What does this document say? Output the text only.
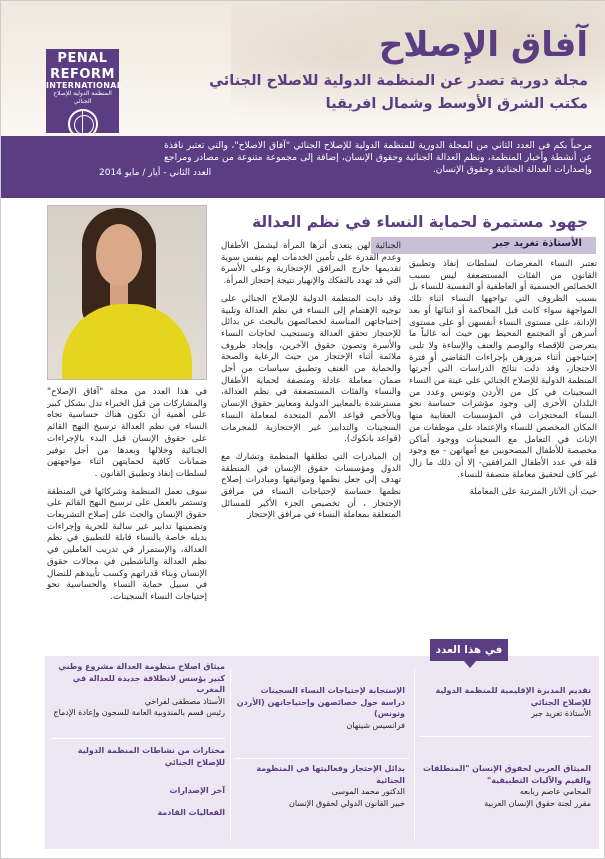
PENAL
REFORM
INTERNATIONAL
المنظمة الدولية للإصلاح الجنائي
آفاق الإصلاح
مجلة دورية تصدر عن المنظمة الدولية للاصلاح الجنائي
مكتب الشرق الأوسط وشمال افريقيا
مرحباً بكم في العدد الثاني من المجلة الدورية للمنظمة الدولية للإصلاح الجنائي "آفاق الاصلاح"، والتي تعتبر نافذة عن أنشطة وأخبار المنظمة، ونظم العدالة الجنائية وحقوق الإنسان، إضافة إلى مجموعة متنوعة من مصادر ومراجع وإصدارات العدالة الجنائية وحقوق الإنسان.
العدد الثاني - أيار / مايو 2014
جهود مستمرة لحماية النساء في نظم العدالة
الأستاذة تغريد جبر

تعتبر النساء المعرضات لسلطات إنفاذ وتطبيق القانون من الفئات المستضعفة ليس بسبب الخصائص الجسمية أو العاطفية أو النفسية للنساء بل بسبب الظروف التي تواجهها النساء اثناء تلك المواجهة سواء كانت قبل المحاكمة أو اثنائها أو بعد الإدانة، على مستوى النساء أنفسهن أو على مستوى أسرهن أو المجتمع المحيط بهن حيث أنه غالباً ما يتعرضن للإقصاء والوصم والعنف والإساءة ولا تلبى إحتياجهن أثناء مرورهن بإجراءات التقاضي أو فترة الاحتجاز، وقد دلت نتائج الدراسات التي أجرتها المنظمة الدولية للإصلاح الجنائي على عينة من النساء السجينات في كل من الأردن وتونس وعدد من البلدان الأخرى إلى وجود مؤشرات حساسة نحو النساء المحتجزات في المؤسسات العقابية منها المكان المخصص للنساء والإعتماد على موظفات من الإناث في التعامل مع السجينات ووجود أماكن مخصصة للأطفال المصحوبين مع أمهاتهن - مع وجود قلة في عدد الأطفال المرافقين- إلا أن ذلك ما زال غير كاف لتحقيق معاملة منصفة للنساء.

حيث أن الآثار المترتبة على المعاملة

الجنائية لهن يتعدى أثرها المرأة ليشمل الأطفال وعدم القدرة على تأمين الخدمات لهم بنفس سوية تقديمها خارج المرافق الإحتجازية وعلى الأسرة التي قد تهدد بالتفكك والإنهيار نتيجة إحتجاز المرأة.

وقد دابت المنظمة الدولية للإصلاح الجنائي على توجيه الإهتمام إلى النساء في نظم العدالة وتلبية إحتياجاتهن المناسبة لخصائصهن بالبحث عن بدائل للإحتجاز تحقق العدالة وتستجيب لحاجات النساء والأسرة وتصون حقوق الآخرين، وإيجاد ظروف ملائمة أثناء الإحتجاز من حيث الرعاية والصحة والحماية من العنف وتطبيق سياسات من أجل ضمان معاملة عادلة ومنصفة لحماية الأطفال والنساء والفئات المستضعفة في نظم العدالة، مسترشدة بالمعايير الدولية ومعايير حقوق الإنسان وبالأخص قواعد الأمم المتحدة لمعاملة النساء السجينات والتدابير غير الإحتجازية للمجرمات (قواعد بانكوك).

إن المبادرات التي تطلقها المنظمة وتشارك مع الدول ومؤسسات حقوق الإنسان في المنطقة تهدف إلى جعل نظمها ومواثيقها ومبادرات إصلاح نظمها حساسة لإحتياجات النساء في مرافق الإحتجاز ، أن تخصيص الجزء الأكبر للمسائل المتعلقة بمعاملة النساء في مرافق الإحتجاز

في هذا العدد من مجلة "آفاق الإصلاح" والمشاركات من قبل الخبراء تدل بشكل كبير على أهمية أن تكون هناك حساسية تجاه النساء في نظم العدالة ترسيخ النهج القائم على حقوق الإنسان قبل البدء بالإجراءات الجنائية وخلالها وبعدها من أجل توفير ضمانات كافية لحمايتهن اثناء مواجهتهن لسلطات إنفاذ وتطبيق القانون .

سوف تعمل المنظمة وشركائها في المنطقة وتستمر بالعمل على ترسيخ النهج القائم على حقوق الإنسان والحث على إصلاح التشريعات وتضمينها تدابير غير سالبة للحرية وإجراءات بديله خاصة بالنساء قابلة للتطبيق في نظم العدالة، والإستمرار في تدريب العاملين في نظم العدالة والناشطين في مجالات حقوق الإنسان وبناء قدراتهم وكسب تأييدهم للنضال في سبيل حماية النساء والحساسية نحو إحتياجات النساء السجينات.

في هذا العدد
تقديم المديرة الإقليمية للمنظمة الدولية للإصلاح الجنائي
الأستاذة تغريد جبر
الإستجابة لإحتياجات النساء السجينات دراسة حول خصائصهن وإحتياجاتهن (الأردن وتونس)
فرانسيس شينهان
ميثاق اصلاح منظومة العدالة مشروع وطني كبير يؤسس لانطلاقة جديدة للعدالة في المغرب
الأستاذ مصطفى لفراخي
رئيس قسم بالمندوبية العامة للسجون وإعادة الإدماج
الميثاق العربي لحقوق الإنسان "المنطلقات والقيم والآليات التطبيقية"
المحامي عاصم ربابعه
مقرر لجنة حقوق الإنسان العربية
بدائل الإحتجاز وفعاليتها في المنظومة الجنائية
الدكتور محمد الموسى
خبير القانون الدولي لحقوق الإنسان
مختارات من نشاطات المنظمة الدولية للإصلاح الجنائي
آخر الإصدارات
الفعاليات القادمة
